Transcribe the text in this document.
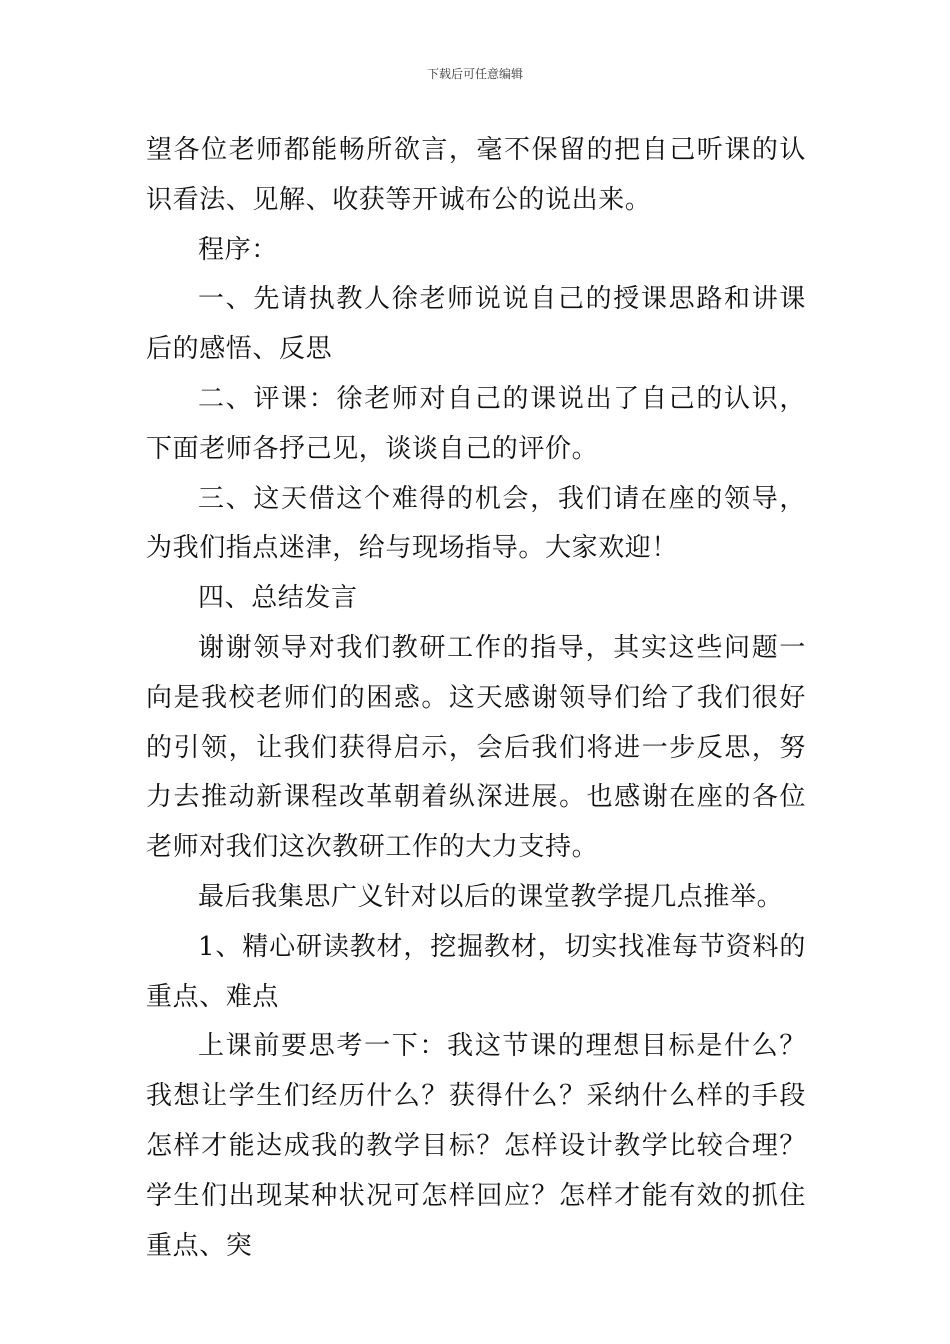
下载后可任意编辑

望各位老师都能畅所欲言，毫不保留的把自己听课的认识看法、见解、收获等开诚布公的说出来。

程序：

一、先请执教人徐老师说说自己的授课思路和讲课后的感悟、反思

二、评课：徐老师对自己的课说出了自己的认识，下面老师各抒己见，谈谈自己的评价。

三、这天借这个难得的机会，我们请在座的领导，为我们指点迷津，给与现场指导。大家欢迎！

四、总结发言

谢谢领导对我们教研工作的指导，其实这些问题一向是我校老师们的困惑。这天感谢领导们给了我们很好的引领，让我们获得启示，会后我们将进一步反思，努力去推动新课程改革朝着纵深进展。也感谢在座的各位老师对我们这次教研工作的大力支持。

最后我集思广义针对以后的课堂教学提几点推举。

1、精心研读教材，挖掘教材，切实找准每节资料的重点、难点

上课前要思考一下：我这节课的理想目标是什么？我想让学生们经历什么？获得什么？采纳什么样的手段怎样才能达成我的教学目标？怎样设计教学比较合理？学生们出现某种状况可怎样回应？怎样才能有效的抓住重点、突
